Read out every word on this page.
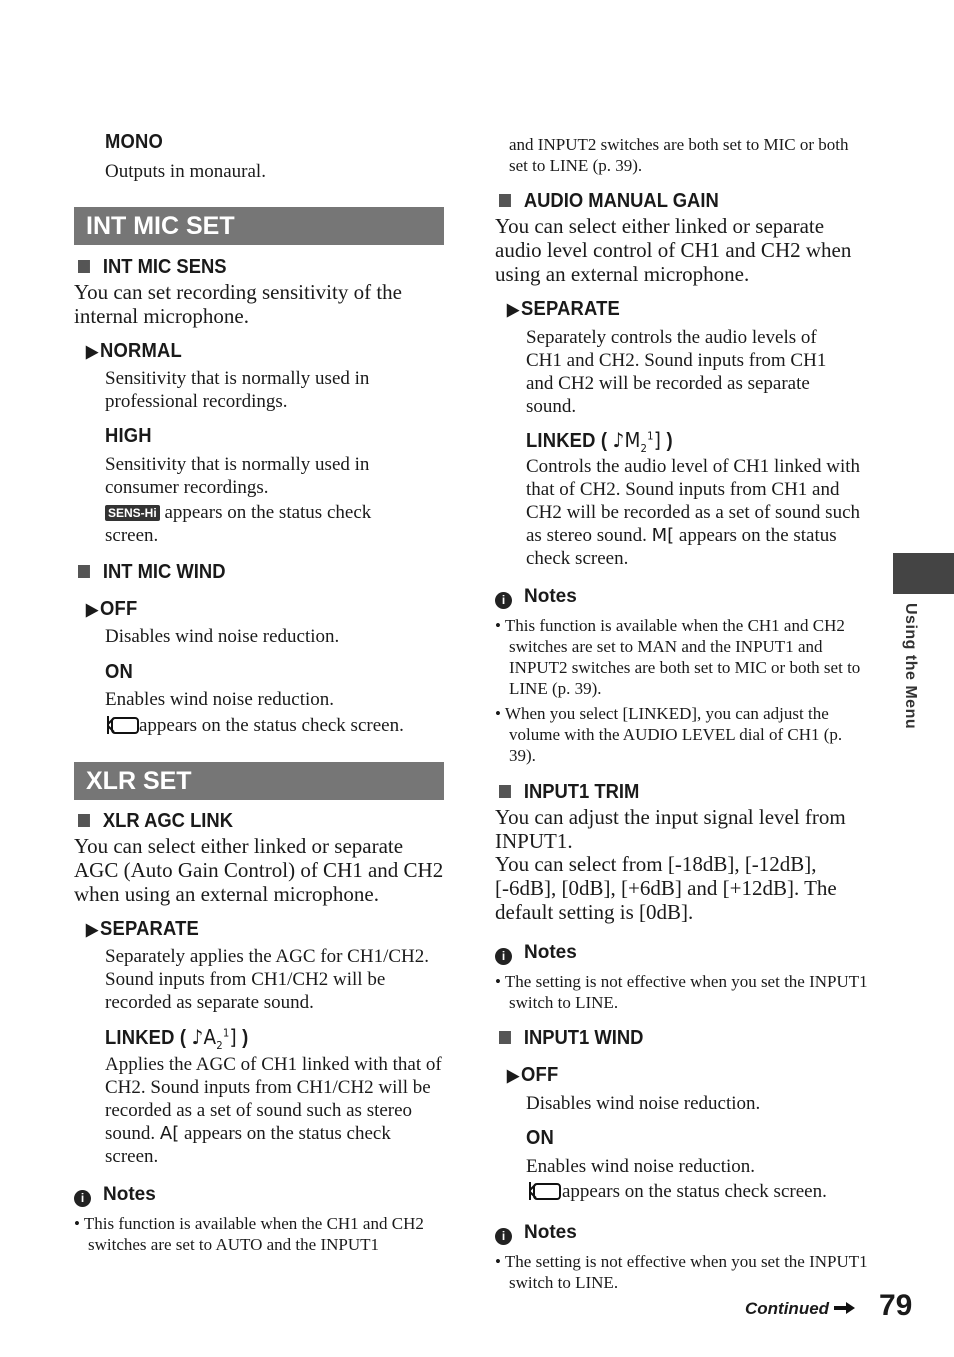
MONO
Outputs in monaural.
INT MIC SET
INT MIC SENS
You can set recording sensitivity of the internal microphone.
▶NORMAL
Sensitivity that is normally used in professional recordings.
HIGH
Sensitivity that is normally used in consumer recordings.
SENS-Hi appears on the status check screen.
INT MIC WIND
▶OFF
Disables wind noise reduction.
ON
Enables wind noise reduction.
appears on the status check screen.
XLR SET
XLR AGC LINK
You can select either linked or separate AGC (Auto Gain Control) of CH1 and CH2 when using an external microphone.
▶SEPARATE
Separately applies the AGC for CH1/CH2. Sound inputs from CH1/CH2 will be recorded as separate sound.
LINKED ( $♪A_2^1$] )
Applies the AGC of CH1 linked with that of CH2. Sound inputs from CH1/CH2 will be recorded as a set of sound such as stereo sound. A[ appears on the status check screen.
i Notes
• This function is available when the CH1 and CH2 switches are set to AUTO and the INPUT1
and INPUT2 switches are both set to MIC or both set to LINE (p. 39).
AUDIO MANUAL GAIN
You can select either linked or separate audio level control of CH1 and CH2 when using an external microphone.
▶SEPARATE
Separately controls the audio levels of CH1 and CH2. Sound inputs from CH1 and CH2 will be recorded as separate sound.
LINKED ( $♪M_2^1$] )
Controls the audio level of CH1 linked with that of CH2. Sound inputs from CH1 and CH2 will be recorded as a set of sound such as stereo sound. M[ appears on the status check screen.
i Notes
• This function is available when the CH1 and CH2 switches are set to MAN and the INPUT1 and INPUT2 switches are both set to MIC or both set to LINE (p. 39).
• When you select [LINKED], you can adjust the volume with the AUDIO LEVEL dial of CH1 (p. 39).
INPUT1 TRIM
You can adjust the input signal level from INPUT1.
You can select from [-18dB], [-12dB], [-6dB], [0dB], [+6dB] and [+12dB]. The default setting is [0dB].
i Notes
• The setting is not effective when you set the INPUT1 switch to LINE.
INPUT1 WIND
▶OFF
Disables wind noise reduction.
ON
Enables wind noise reduction.
appears on the status check screen.
i Notes
• The setting is not effective when you set the INPUT1 switch to LINE.
Using the Menu
Continued	79
